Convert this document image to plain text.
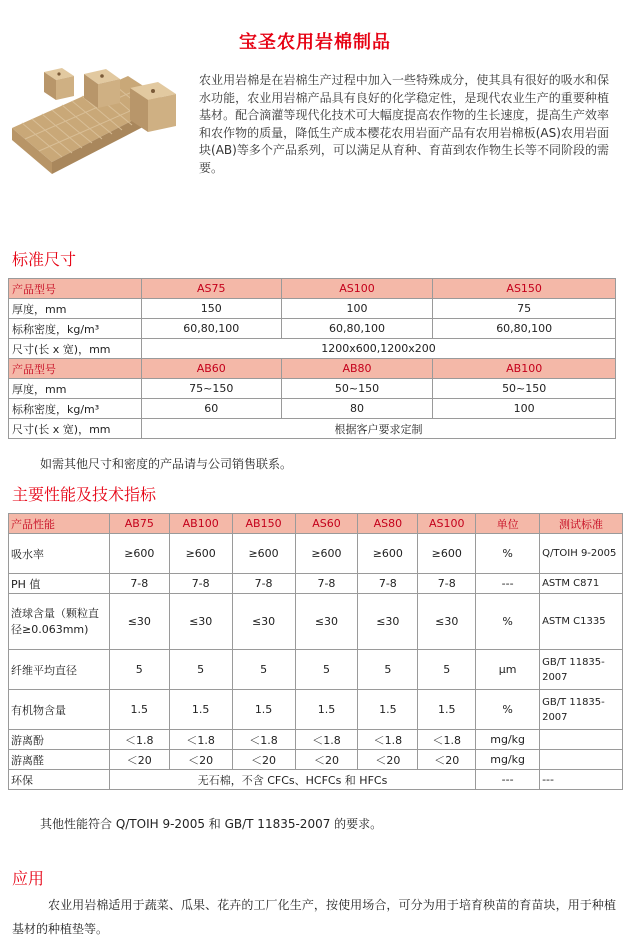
宝圣农用岩棉制品

农业用岩棉是在岩棉生产过程中加入一些特殊成分，使其具有很好的吸水和保水功能，农业用岩棉产品具有良好的化学稳定性，是现代农业生产的重要种植基材。配合滴灌等现代化技术可大幅度提高农作物的生长速度，提高生产效率和农作物的质量，降低生产成本樱花农用岩面产品有农用岩棉板(AS)农用岩面块(AB)等多个产品系列，可以满足从育种、育苗到农作物生长等不同阶段的需要。

标准尺寸
产品型号	AS75	AS100	AS150
厚度，mm	150	100	75
标称密度，kg/m³	60,80,100	60,80,100	60,80,100
尺寸(长 x 宽)，mm	1200x600,1200x200		
产品型号	AB60	AB80	AB100
厚度，mm	75~150	50~150	50~150
标称密度，kg/m³	60	80	100
尺寸(长 x 宽)，mm	根据客户要求定制		
如需其他尺寸和密度的产品请与公司销售联系。
主要性能及技术指标
产品性能	AB75	AB100	AB150	AS60	AS80	AS100	单位	测试标准
吸水率	≥600	≥600	≥600	≥600	≥600	≥600	%	Q/TOIH 9-2005
PH 值	7-8	7-8	7-8	7-8	7-8	7-8	---	ASTM C871
渣球含量（颗粒直径≥0.063mm)	≤30	≤30	≤30	≤30	≤30	≤30	%	ASTM C1335
纤维平均直径	5	5	5	5	5	5	μm	GB/T 11835-2007
有机物含量	1.5	1.5	1.5	1.5	1.5	1.5	%	GB/T 11835-2007
游离酚	＜1.8	＜1.8	＜1.8	＜1.8	＜1.8	＜1.8	mg/kg	
游离醛	＜20	＜20	＜20	＜20	＜20	＜20	mg/kg	
环保	无石棉，不含 CFCs、HCFCs 和 HFCs						---	---
其他性能符合 Q/TOIH 9-2005 和 GB/T 11835-2007 的要求。
应用

农业用岩棉适用于蔬菜、瓜果、花卉的工厂化生产，按使用场合，可分为用于培育秧苗的育苗块，用于种植基材的种植垫等。
